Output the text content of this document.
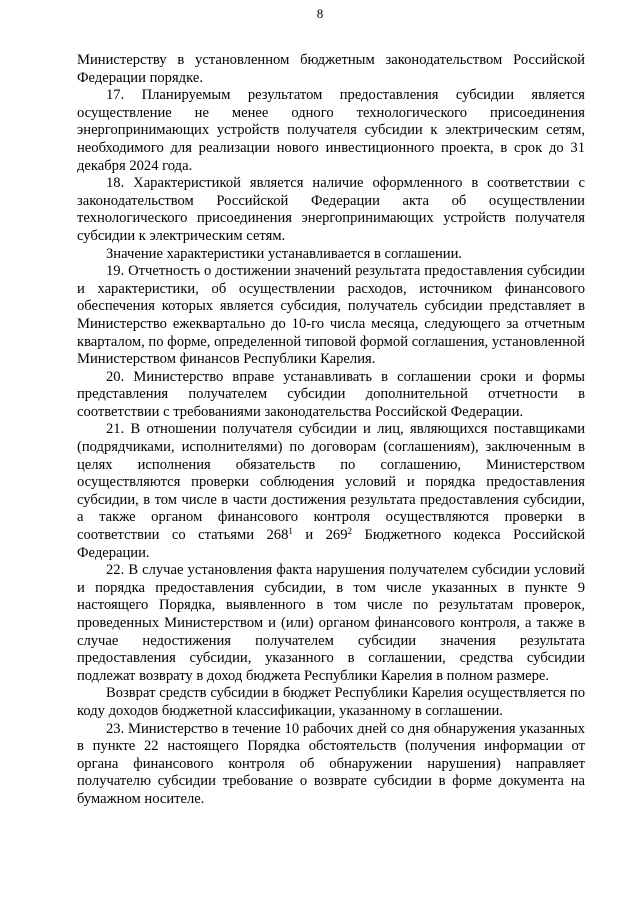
8

Министерству в установленном бюджетным законодательством Российской Федерации порядке.

17. Планируемым результатом предоставления субсидии является осуществление не менее одного технологического присоединения энергопринимающих устройств получателя субсидии к электрическим сетям, необходимого для реализации нового инвестиционного проекта, в срок до 31 декабря 2024 года.

18. Характеристикой является наличие оформленного в соответствии с законодательством Российской Федерации акта об осуществлении технологического присоединения энергопринимающих устройств получателя субсидии к электрическим сетям.

Значение характеристики устанавливается в соглашении.

19. Отчетность о достижении значений результата предоставления субсидии и характеристики, об осуществлении расходов, источником финансового обеспечения которых является субсидия, получатель субсидии представляет в Министерство ежеквартально до 10-го числа месяца, следующего за отчетным кварталом, по форме, определенной типовой формой соглашения, установленной Министерством финансов Республики Карелия.

20. Министерство вправе устанавливать в соглашении сроки и формы представления получателем субсидии дополнительной отчетности в соответствии с требованиями законодательства Российской Федерации.

21. В отношении получателя субсидии и лиц, являющихся поставщиками (подрядчиками, исполнителями) по договорам (соглашениям), заключенным в целях исполнения обязательств по соглашению, Министерством осуществляются проверки соблюдения условий и порядка предоставления субсидии, в том числе в части достижения результата предоставления субсидии, а также органом финансового контроля осуществляются проверки в соответствии со статьями $268^1$ и $269^2$ Бюджетного кодекса Российской Федерации.

22. В случае установления факта нарушения получателем субсидии условий и порядка предоставления субсидии, в том числе указанных в пункте 9 настоящего Порядка, выявленного в том числе по результатам проверок, проведенных Министерством и (или) органом финансового контроля, а также в случае недостижения получателем субсидии значения результата предоставления субсидии, указанного в соглашении, средства субсидии подлежат возврату в доход бюджета Республики Карелия в полном размере.

Возврат средств субсидии в бюджет Республики Карелия осуществляется по коду доходов бюджетной классификации, указанному в соглашении.

23. Министерство в течение 10 рабочих дней со дня обнаружения указанных в пункте 22 настоящего Порядка обстоятельств (получения информации от органа финансового контроля об обнаружении нарушения) направляет получателю субсидии требование о возврате субсидии в форме документа на бумажном носителе.
